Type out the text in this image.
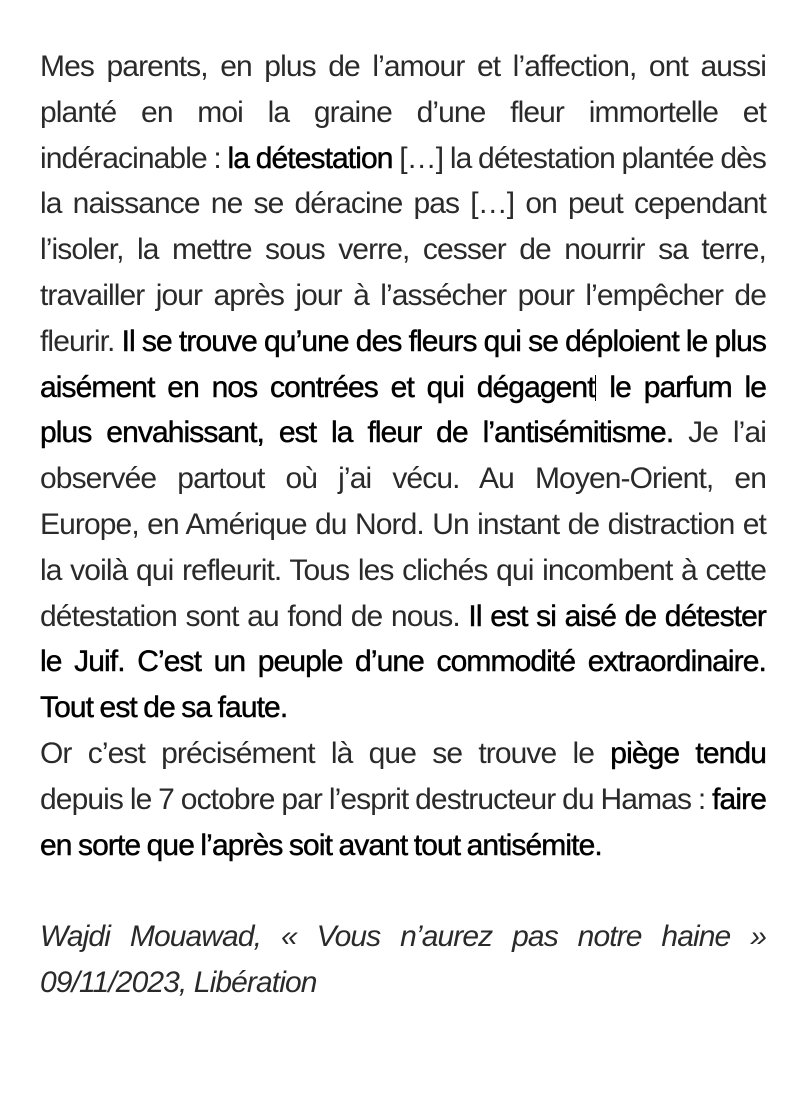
Mes parents, en plus de l’amour et l’affection, ont aussi planté en moi la graine d’une fleur immortelle et indéracinable : la détestation […] la détestation plantée dès la naissance ne se déracine pas […] on peut cependant l’isoler, la mettre sous verre, cesser de nourrir sa terre, travailler jour après jour à l’assécher pour l’empêcher de fleurir. Il se trouve qu’une des fleurs qui se déploient le plus aisément en nos contrées et qui dégagent le parfum le plus envahissant, est la fleur de l’antisémitisme. Je l’ai observée partout où j’ai vécu. Au Moyen-Orient, en Europe, en Amérique du Nord. Un instant de distraction et la voilà qui refleurit. Tous les clichés qui incombent à cette détestation sont au fond de nous. Il est si aisé de détester le Juif. C’est un peuple d’une commodité extraordinaire. Tout est de sa faute.

Or c’est précisément là que se trouve le piège tendu depuis le 7 octobre par l’esprit destructeur du Hamas : faire en sorte que l’après soit avant tout antisémite.

Wajdi Mouawad, « Vous n’aurez pas notre haine »
09/11/2023, Libération
